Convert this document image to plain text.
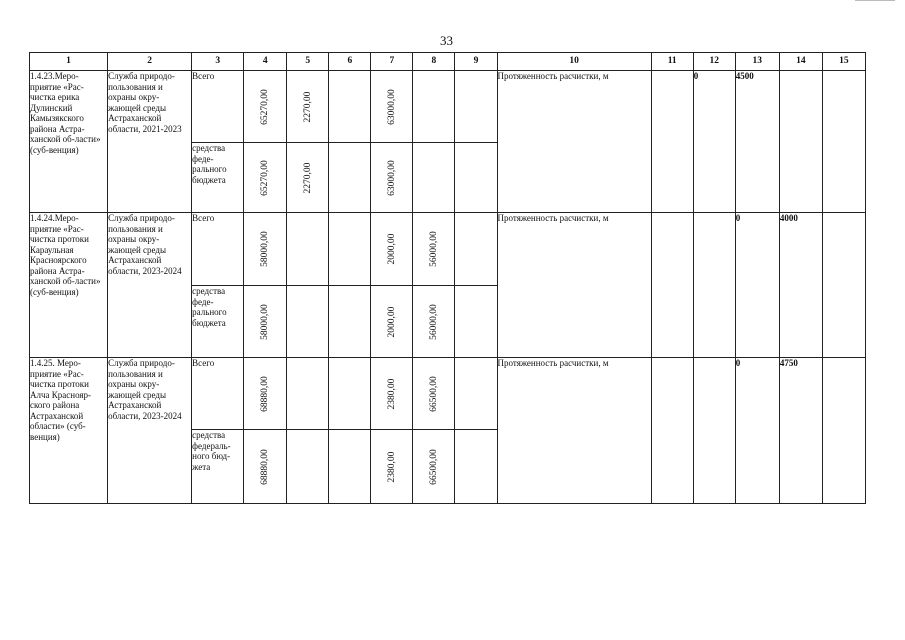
33
1	2	3	4	5	6	7	8	9	10	11	12	13	14	15
1.4.23.Меро-приятие «Рас-чистка ерика Дулинский Камызякского района Астра-ханской об-ласти» (суб-венция)	Служба природо-пользования и охраны окру-жающей среды Астраханской области, 2021-2023	Всего	65270,00	2270,00		63000,00			Протяженность расчистки, м		0	4500		
		средства феде-рального бюджета	65270,00	2270,00		63000,00								

1.4.24.Меро-приятие «Рас-чистка протоки Караульная Красноярского района Астра-ханской об-ласти» (суб-венция)	Служба природо-пользования и охраны окру-жающей среды Астраханской области, 2023-2024	Всего	58000,00			2000,00	56000,00		Протяженность расчистки, м			0	4000	
		средства феде-рального бюджета	58000,00			2000,00	56000,00							

1.4.25. Меро-приятие «Рас-чистка протоки Алча Краснояр-ского района Астраханской области» (суб-венция)	Служба природо-пользования и охраны окру-жающей среды Астраханской области, 2023-2024	Всего	68880,00			2380,00	66500,00		Протяженность расчистки, м			0	4750	
		средства федераль-ного бюд-жета	68880,00			2380,00	66500,00							
